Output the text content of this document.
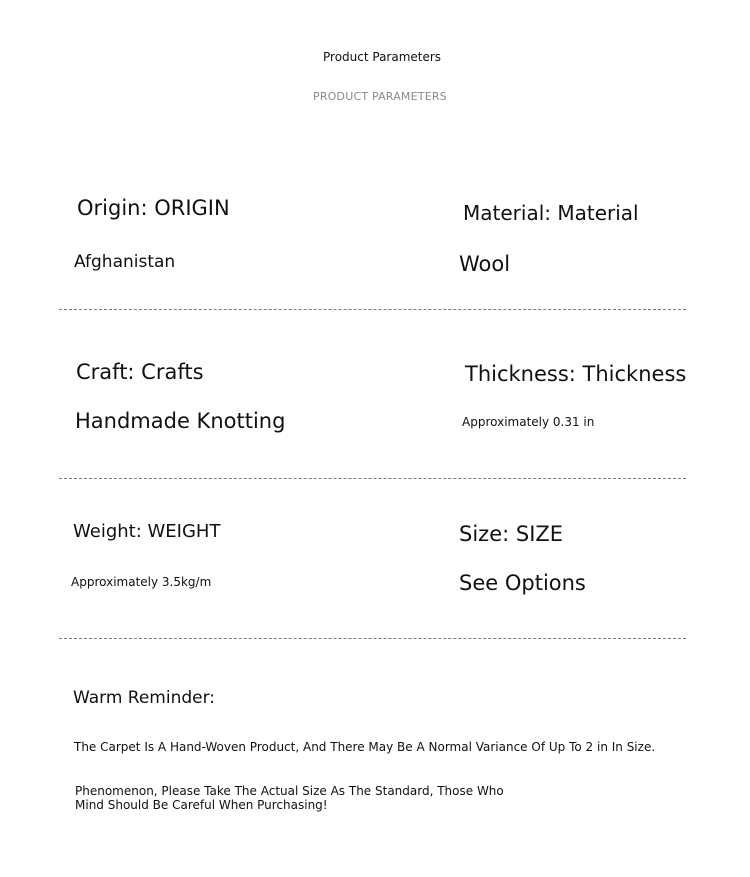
Product Parameters
PRODUCT PARAMETERS
Origin: ORIGIN
Afghanistan
Material: Material
Wool
Craft: Crafts
Handmade Knotting
Thickness: Thickness
Approximately 0.31 in
Weight: WEIGHT
Approximately 3.5kg/m
Size: SIZE
See Options
Warm Reminder:
The Carpet Is A Hand-Woven Product, And There May Be A Normal Variance Of Up To 2 in In Size.
Phenomenon, Please Take The Actual Size As The Standard, Those Who Mind Should Be Careful When Purchasing!
